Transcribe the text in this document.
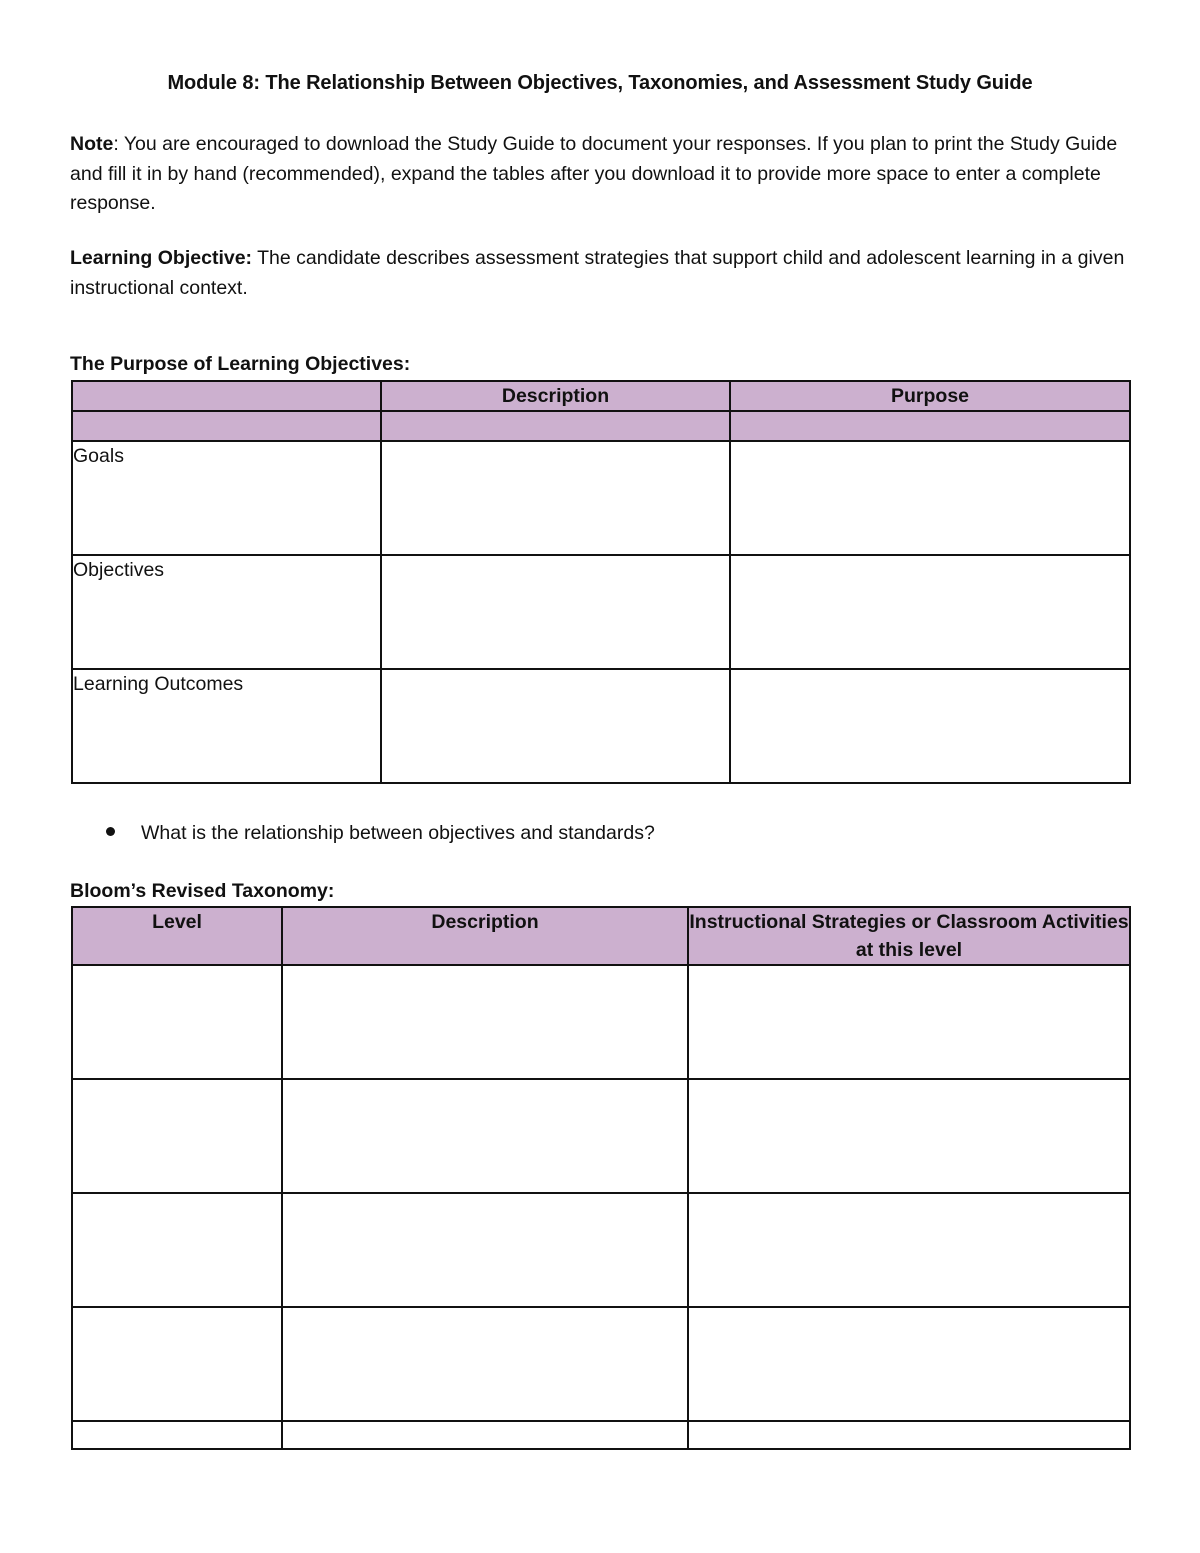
Module 8: The Relationship Between Objectives, Taxonomies, and Assessment Study Guide
Note: You are encouraged to download the Study Guide to document your responses. If you plan to print the Study Guide and fill it in by hand (recommended), expand the tables after you download it to provide more space to enter a complete response.
Learning Objective: The candidate describes assessment strategies that support child and adolescent learning in a given instructional context.
The Purpose of Learning Objectives:
	Description	Purpose

Goals		
Objectives		
Learning Outcomes		
What is the relationship between objectives and standards?
Bloom’s Revised Taxonomy:
Level	Description	Instructional Strategies or Classroom Activities at this level
